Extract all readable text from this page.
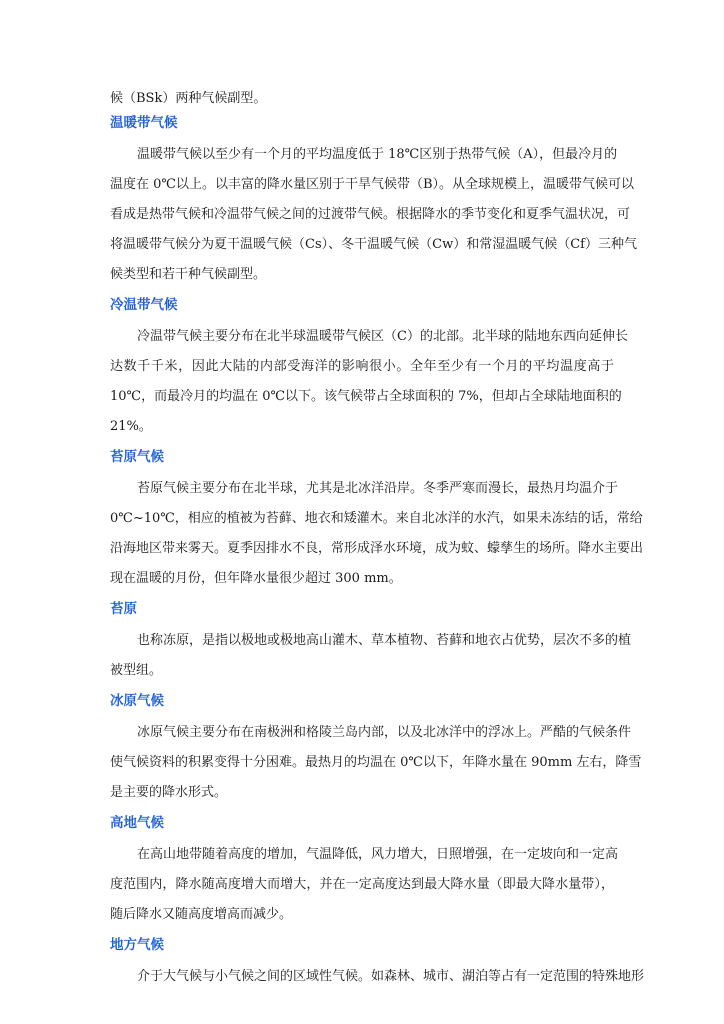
候（BSk）两种气候副型。
温暖带气候
温暖带气候以至少有一个月的平均温度低于 18℃区别于热带气候（A），但最冷月的
温度在 0℃以上。以丰富的降水量区别于干旱气候带（B）。从全球规模上，温暖带气候可以
看成是热带气候和冷温带气候之间的过渡带气候。根据降水的季节变化和夏季气温状况，可
将温暖带气候分为夏干温暖气候（Cs）、冬干温暖气候（Cw）和常湿温暖气候（Cf）三种气
候类型和若干种气候副型。
冷温带气候
冷温带气候主要分布在北半球温暖带气候区（C）的北部。北半球的陆地东西向延伸长
达数千千米，因此大陆的内部受海洋的影响很小。全年至少有一个月的平均温度高于
10℃，而最冷月的均温在 0℃以下。该气候带占全球面积的 7%，但却占全球陆地面积的
21%。
苔原气候
苔原气候主要分布在北半球，尤其是北冰洋沿岸。冬季严寒而漫长，最热月均温介于
0℃~10℃，相应的植被为苔藓、地衣和矮灌木。来自北冰洋的水汽，如果未冻结的话，常给
沿海地区带来雾天。夏季因排水不良，常形成泽水环境，成为蚊、蠓孳生的场所。降水主要出
现在温暖的月份，但年降水量很少超过 300 mm。
苔原
也称冻原，是指以极地或极地高山灌木、草本植物、苔藓和地衣占优势，层次不多的植
被型组。
冰原气候
冰原气候主要分布在南极洲和格陵兰岛内部，以及北冰洋中的浮冰上。严酷的气候条件
使气候资料的积累变得十分困难。最热月的均温在 0℃以下，年降水量在 90mm 左右，降雪
是主要的降水形式。
高地气候
在高山地带随着高度的增加，气温降低，风力增大，日照增强，在一定坡向和一定高
度范围内，降水随高度增大而增大，并在一定高度达到最大降水量（即最大降水量带），
随后降水又随高度增高而减少。
地方气候
介于大气候与小气候之间的区域性气候。如森林、城市、湖泊等占有一定范围的特殊地形
